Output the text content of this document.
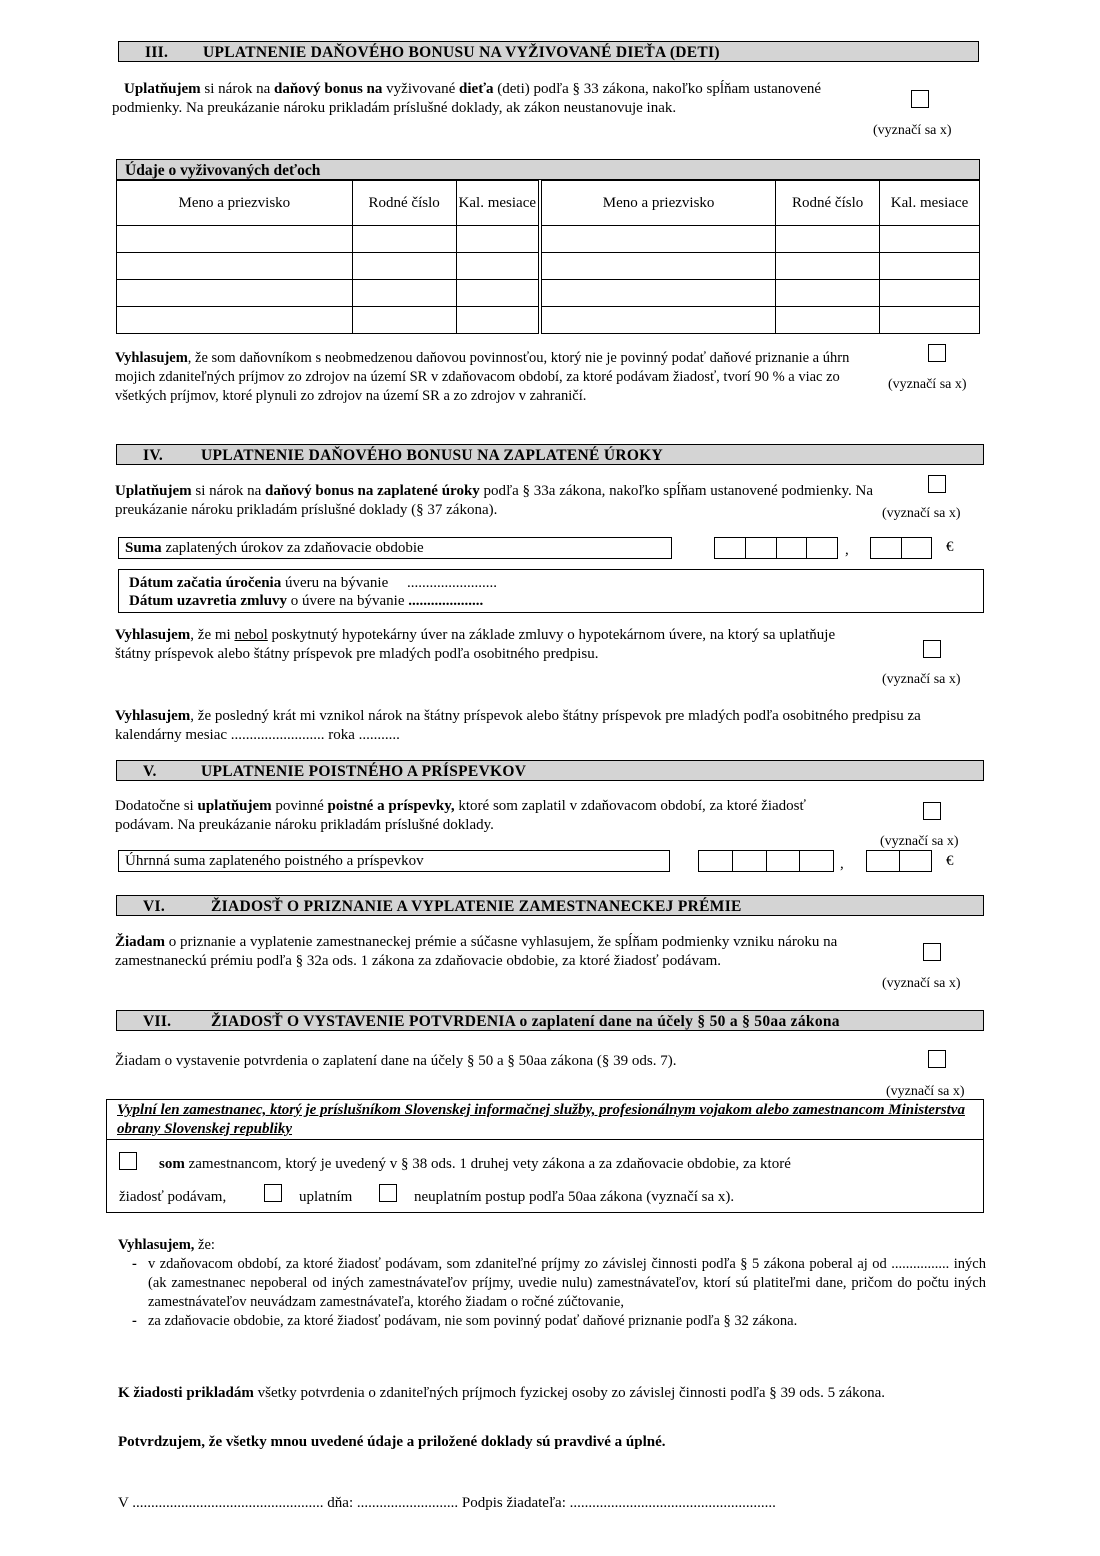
III. UPLATNENIE DAŇOVÉHO BONUSU NA VYŽIVOVANÉ DIEŤA (DETI)
Uplatňujem si nárok na daňový bonus na vyživované dieťa (deti) podľa § 33 zákona, nakoľko spĺňam ustanovené podmienky. Na preukázanie nároku prikladám príslušné doklady, ak zákon neustanovuje inak.
(vyznačí sa x)
Údaje o vyživovaných deťoch
Meno a priezvisko	Rodné číslo	Kal. mesiace	Meno a priezvisko	Rodné číslo	Kal. mesiace

Vyhlasujem, že som daňovníkom s neobmedzenou daňovou povinnosťou, ktorý nie je povinný podať daňové priznanie a úhrn mojich zdaniteľných príjmov zo zdrojov na území SR v zdaňovacom období, za ktoré podávam žiadosť, tvorí 90 % a viac zo všetkých príjmov, ktoré plynuli zo zdrojov na území SR a zo zdrojov v zahraničí.
(vyznačí sa x)
IV. UPLATNENIE DAŇOVÉHO BONUSU NA ZAPLATENÉ ÚROKY
Uplatňujem si nárok na daňový bonus na zaplatené úroky podľa § 33a zákona, nakoľko spĺňam ustanovené podmienky. Na preukázanie nároku prikladám príslušné doklady (§ 37 zákona).	(vyznačí sa x)
Suma zaplatených úrokov za zdaňovacie obdobie	,	€
Dátum začatia úročenia úveru na bývanie ........................
Dátum uzavretia zmluvy o úvere na bývanie ....................
Vyhlasujem, že mi nebol poskytnutý hypotekárny úver na základe zmluvy o hypotekárnom úvere, na ktorý sa uplatňuje štátny príspevok alebo štátny príspevok pre mladých podľa osobitného predpisu.
(vyznačí sa x)
Vyhlasujem, že posledný krát mi vznikol nárok na štátny príspevok alebo štátny príspevok pre mladých podľa osobitného predpisu za kalendárny mesiac ......................... roka ...........
V.	UPLATNENIE POISTNÉHO A PRÍSPEVKOV
Dodatočne si uplatňujem povinné poistné a príspevky, ktoré som zaplatil v zdaňovacom období, za ktoré žiadosť podávam. Na preukázanie nároku prikladám príslušné doklady.
(vyznačí sa x)
Úhrnná suma zaplateného poistného a príspevkov	,	€
VI.	ŽIADOSŤ O PRIZNANIE A VYPLATENIE ZAMESTNANECKEJ PRÉMIE
Žiadam o priznanie a vyplatenie zamestnaneckej prémie a súčasne vyhlasujem, že spĺňam podmienky vzniku nároku na zamestnaneckú prémiu podľa § 32a ods. 1 zákona za zdaňovacie obdobie, za ktoré žiadosť podávam.
(vyznačí sa x)
VII.	ŽIADOSŤ O VYSTAVENIE POTVRDENIA o zaplatení dane na účely § 50 a § 50aa zákona
Žiadam o vystavenie potvrdenia o zaplatení dane na účely § 50 a § 50aa zákona (§ 39 ods. 7).
(vyznačí sa x)
Vyplní len zamestnanec, ktorý je príslušníkom Slovenskej informačnej služby, profesionálnym vojakom alebo zamestnancom Ministerstva obrany Slovenskej republiky
som zamestnancom, ktorý je uvedený v § 38 ods. 1 druhej vety zákona a za zdaňovacie obdobie, za ktoré
žiadosť podávam,	uplatním	neuplatním postup podľa 50aa zákona (vyznačí sa x).
Vyhlasujem, že:
- v zdaňovacom období, za ktoré žiadosť podávam, som zdaniteľné príjmy zo závislej činnosti podľa § 5 zákona poberal aj od ................ iných (ak zamestnanec nepoberal od iných zamestnávateľov príjmy, uvedie nulu) zamestnávateľov, ktorí sú platiteľmi dane, pričom do počtu iných zamestnávateľov neuvádzam zamestnávateľa, ktorého žiadam o ročné zúčtovanie,
- za zdaňovacie obdobie, za ktoré žiadosť podávam, nie som povinný podať daňové priznanie podľa § 32 zákona.
K žiadosti prikladám všetky potvrdenia o zdaniteľných príjmoch fyzickej osoby zo závislej činnosti podľa § 39 ods. 5 zákona.
Potvrdzujem, že všetky mnou uvedené údaje a priložené doklady sú pravdivé a úplné.
V ................................................... dňa: ........................... Podpis žiadateľa: .......................................................
